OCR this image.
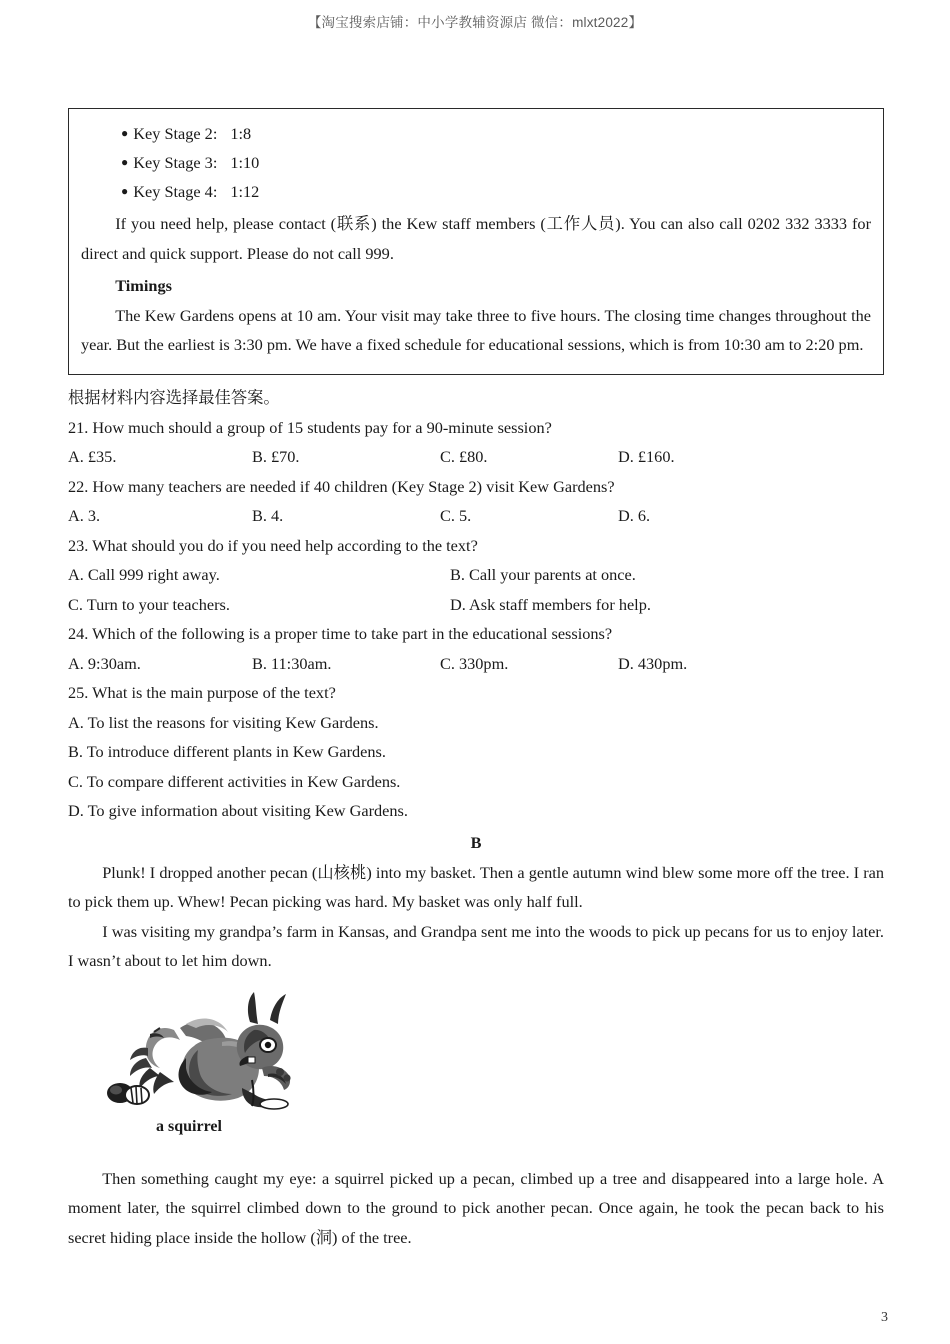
【淘宝搜索店铺：中小学教辅资源店 微信：mlxt2022】
● Key Stage 2: 1:8
● Key Stage 3: 1:10
● Key Stage 4: 1:12

If you need help, please contact (联系) the Kew staff members (工作人员). You can also call 0202 332 3333 for direct and quick support. Please do not call 999.

Timings

The Kew Gardens opens at 10 am. Your visit may take three to five hours. The closing time changes throughout the year. But the earliest is 3:30 pm. We have a fixed schedule for educational sessions, which is from 10:30 am to 2:20 pm.

根据材料内容选择最佳答案。

21. How much should a group of 15 students pay for a 90-minute session?

A. £35.	B. £70.	C. £80.	D. £160.

22. How many teachers are needed if 40 children (Key Stage 2) visit Kew Gardens?

A. 3.	B. 4.	C. 5.	D. 6.

23. What should you do if you need help according to the text?

A. Call 999 right away.	B. Call your parents at once.
C. Turn to your teachers.	D. Ask staff members for help.

24. Which of the following is a proper time to take part in the educational sessions?

A. 9:30am.	B. 11:30am.	C. 330pm.	D. 430pm.

25. What is the main purpose of the text?

A. To list the reasons for visiting Kew Gardens.

B. To introduce different plants in Kew Gardens.

C. To compare different activities in Kew Gardens.

D. To give information about visiting Kew Gardens.

B

Plunk! I dropped another pecan (山核桃) into my basket. Then a gentle autumn wind blew some more off the tree. I ran to pick them up. Whew! Pecan picking was hard. My basket was only half full.

I was visiting my grandpa’s farm in Kansas, and Grandpa sent me into the woods to pick up pecans for us to enjoy later. I wasn’t about to let him down.

a squirrel

Then something caught my eye: a squirrel picked up a pecan, climbed up a tree and disappeared into a large hole. A moment later, the squirrel climbed down to the ground to pick another pecan. Once again, he took the pecan back to his secret hiding place inside the hollow (洞) of the tree.

3
